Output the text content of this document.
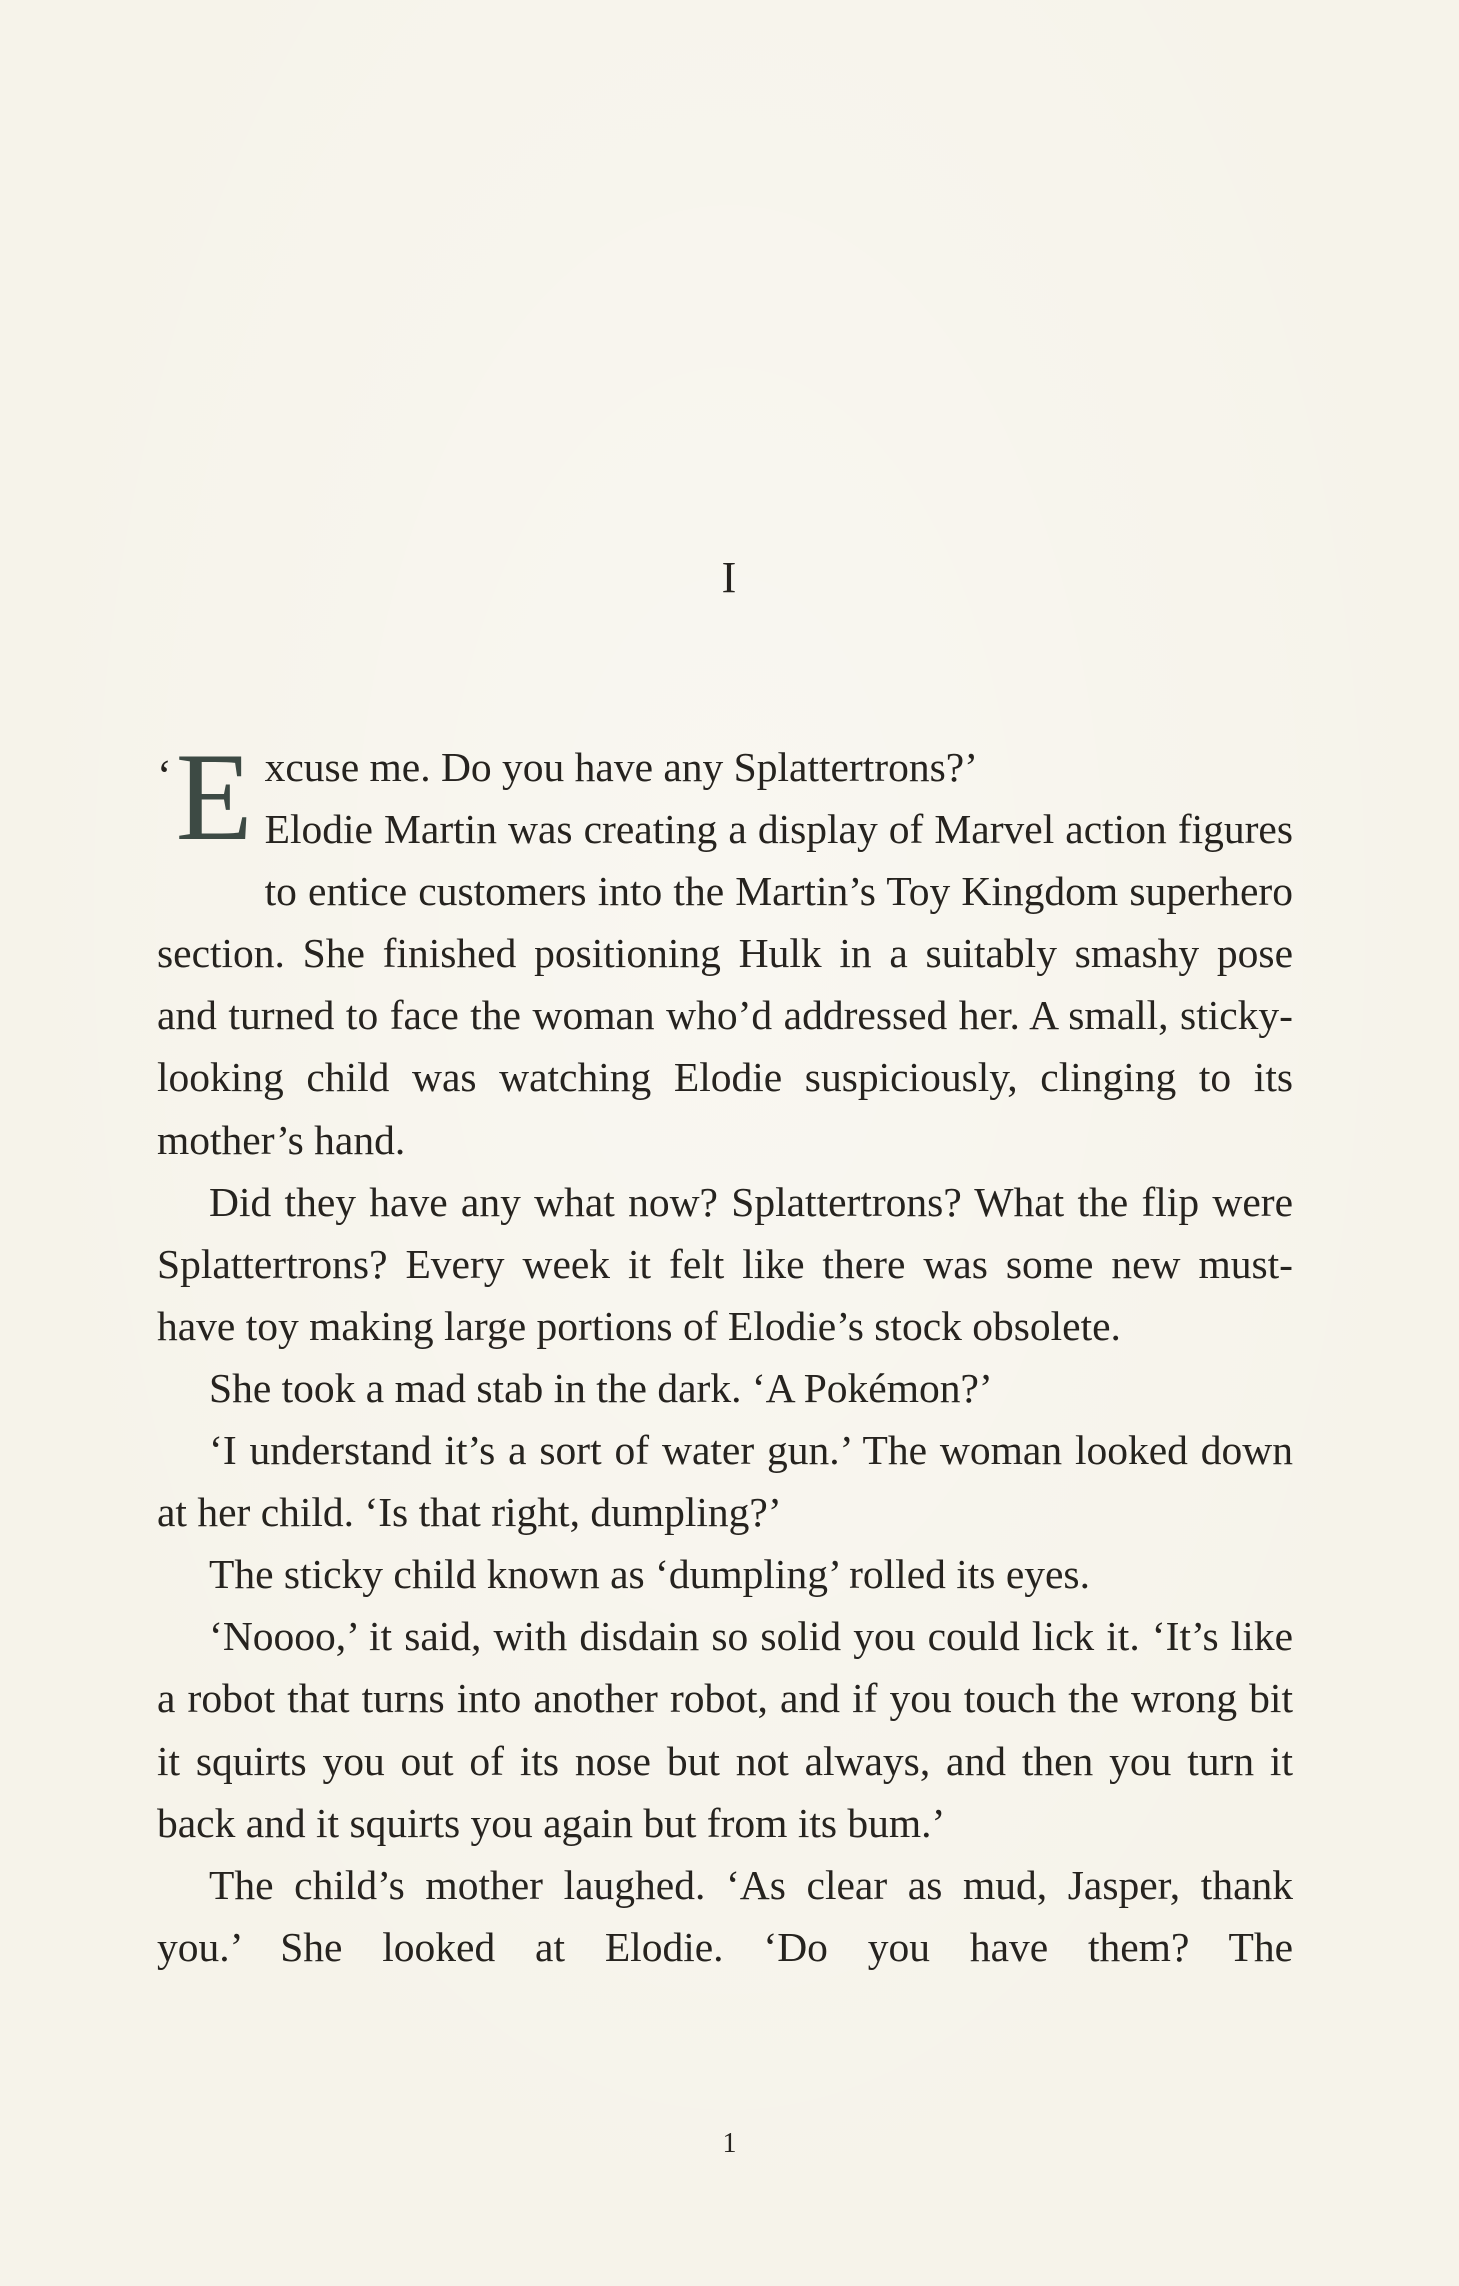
I
‘ E xcuse me. Do you have any Splattertrons?’
Elodie Martin was creating a display of Marvel action figures to entice customers into the Martin’s Toy Kingdom superhero section. She finished positioning Hulk in a suitably smashy pose and turned to face the woman who’d addressed her. A small, sticky-looking child was watching Elodie suspiciously, clinging to its mother’s hand.

Did they have any what now? Splattertrons? What the flip were Splattertrons? Every week it felt like there was some new must-have toy making large portions of Elodie’s stock obsolete.

She took a mad stab in the dark. ‘A Pokémon?’

‘I understand it’s a sort of water gun.’ The woman looked down at her child. ‘Is that right, dumpling?’

The sticky child known as ‘dumpling’ rolled its eyes.

‘Noooo,’ it said, with disdain so solid you could lick it. ‘It’s like a robot that turns into another robot, and if you touch the wrong bit it squirts you out of its nose but not always, and then you turn it back and it squirts you again but from its bum.’

The child’s mother laughed. ‘As clear as mud, Jasper, thank you.’ She looked at Elodie. ‘Do you have them? The

1
